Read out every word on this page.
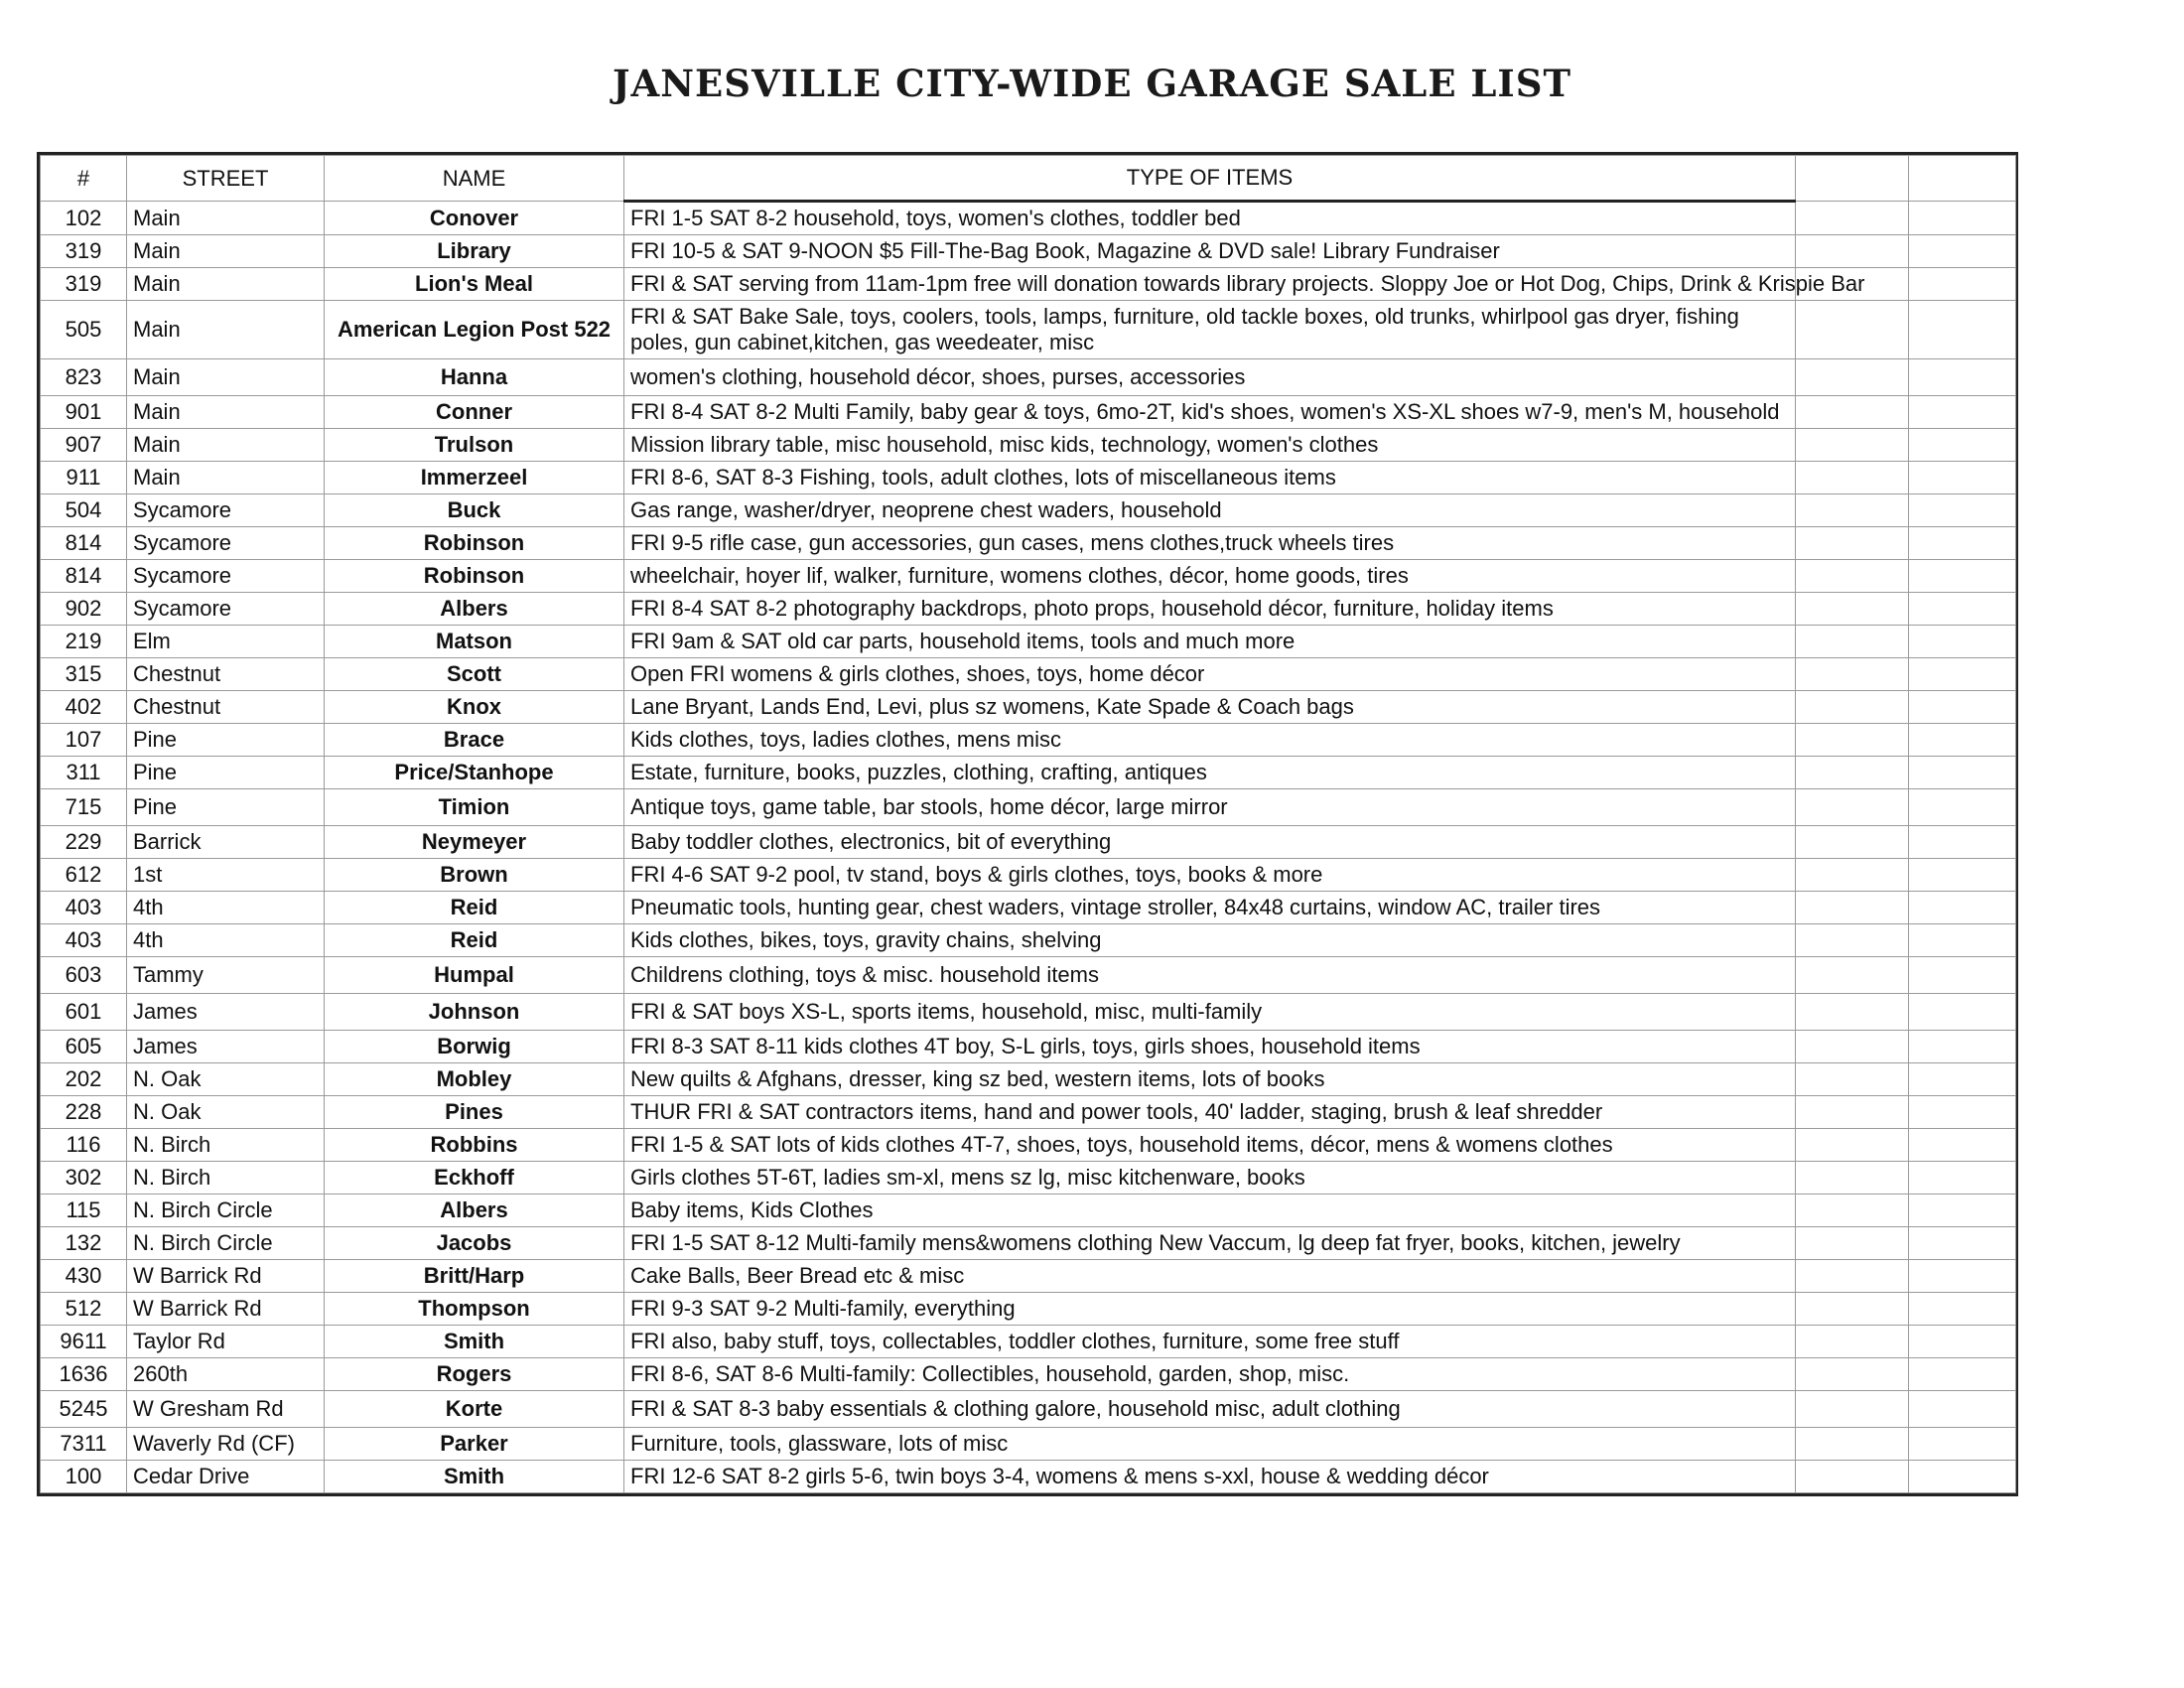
JANESVILLE CITY-WIDE GARAGE SALE LIST
#	STREET	NAME	TYPE OF ITEMS		
102	Main	Conover	FRI 1-5 SAT 8-2 household, toys, women's clothes, toddler bed		
319	Main	Library	FRI 10-5 & SAT 9-NOON $5 Fill-The-Bag Book, Magazine & DVD sale! Library Fundraiser		
319	Main	Lion's Meal	FRI & SAT serving from 11am-1pm free will donation towards library projects. Sloppy Joe or Hot Dog, Chips, Drink & Krispie Bar		
505	Main	American Legion Post 522	FRI & SAT Bake Sale, toys, coolers, tools, lamps, furniture, old tackle boxes, old trunks, whirlpool gas dryer, fishing poles, gun cabinet,kitchen, gas weedeater, misc		
823	Main	Hanna	women's clothing, household décor, shoes, purses, accessories		
901	Main	Conner	FRI 8-4 SAT 8-2 Multi Family, baby gear & toys, 6mo-2T, kid's shoes, women's XS-XL shoes w7-9, men's M, household		
907	Main	Trulson	Mission library table, misc household, misc kids, technology, women's clothes		
911	Main	Immerzeel	FRI 8-6, SAT 8-3 Fishing, tools, adult clothes, lots of miscellaneous items		
504	Sycamore	Buck	Gas range, washer/dryer, neoprene chest waders, household		
814	Sycamore	Robinson	FRI 9-5 rifle case, gun accessories, gun cases, mens clothes,truck wheels tires		
814	Sycamore	Robinson	wheelchair, hoyer lif, walker, furniture, womens clothes, décor, home goods, tires		
902	Sycamore	Albers	FRI 8-4 SAT 8-2 photography backdrops, photo props, household décor, furniture, holiday items		
219	Elm	Matson	FRI 9am & SAT old car parts, household items, tools and much more		
315	Chestnut	Scott	Open FRI womens & girls clothes, shoes, toys, home décor		
402	Chestnut	Knox	Lane Bryant, Lands End, Levi, plus sz womens, Kate Spade & Coach bags		
107	Pine	Brace	Kids clothes, toys, ladies clothes, mens misc		
311	Pine	Price/Stanhope	Estate, furniture, books, puzzles, clothing, crafting, antiques		
715	Pine	Timion	Antique toys, game table, bar stools, home décor, large mirror		
229	Barrick	Neymeyer	Baby toddler clothes, electronics, bit of everything		
612	1st	Brown	FRI 4-6 SAT 9-2 pool, tv stand, boys & girls clothes, toys, books & more		
403	4th	Reid	Pneumatic tools, hunting gear, chest waders, vintage stroller, 84x48 curtains, window AC, trailer tires		
403	4th	Reid	Kids clothes, bikes, toys, gravity chains, shelving		
603	Tammy	Humpal	Childrens clothing, toys & misc. household items		
601	James	Johnson	FRI & SAT boys XS-L, sports items, household, misc, multi-family		
605	James	Borwig	FRI 8-3 SAT 8-11 kids clothes 4T boy, S-L girls, toys, girls shoes, household items		
202	N. Oak	Mobley	New quilts & Afghans, dresser, king sz bed, western items, lots of books		
228	N. Oak	Pines	THUR FRI & SAT contractors items, hand and power tools, 40' ladder, staging, brush & leaf shredder		
116	N. Birch	Robbins	FRI 1-5 & SAT lots of kids clothes 4T-7, shoes, toys, household items, décor, mens & womens clothes		
302	N. Birch	Eckhoff	Girls clothes 5T-6T, ladies sm-xl, mens sz lg, misc kitchenware, books		
115	N. Birch Circle	Albers	Baby items, Kids Clothes		
132	N. Birch Circle	Jacobs	FRI 1-5 SAT 8-12 Multi-family mens&womens clothing New Vaccum, lg deep fat fryer, books, kitchen, jewelry		
430	W Barrick Rd	Britt/Harp	Cake Balls, Beer Bread etc & misc		
512	W Barrick Rd	Thompson	FRI 9-3 SAT 9-2 Multi-family, everything		
9611	Taylor Rd	Smith	FRI also, baby stuff, toys, collectables, toddler clothes, furniture, some free stuff		
1636	260th	Rogers	FRI 8-6, SAT 8-6 Multi-family: Collectibles, household, garden, shop, misc.		
5245	W Gresham Rd	Korte	FRI & SAT 8-3 baby essentials & clothing galore, household misc, adult clothing		
7311	Waverly Rd (CF)	Parker	Furniture, tools, glassware, lots of misc		
100	Cedar Drive	Smith	FRI 12-6 SAT 8-2 girls 5-6, twin boys 3-4, womens & mens s-xxl, house & wedding décor		
